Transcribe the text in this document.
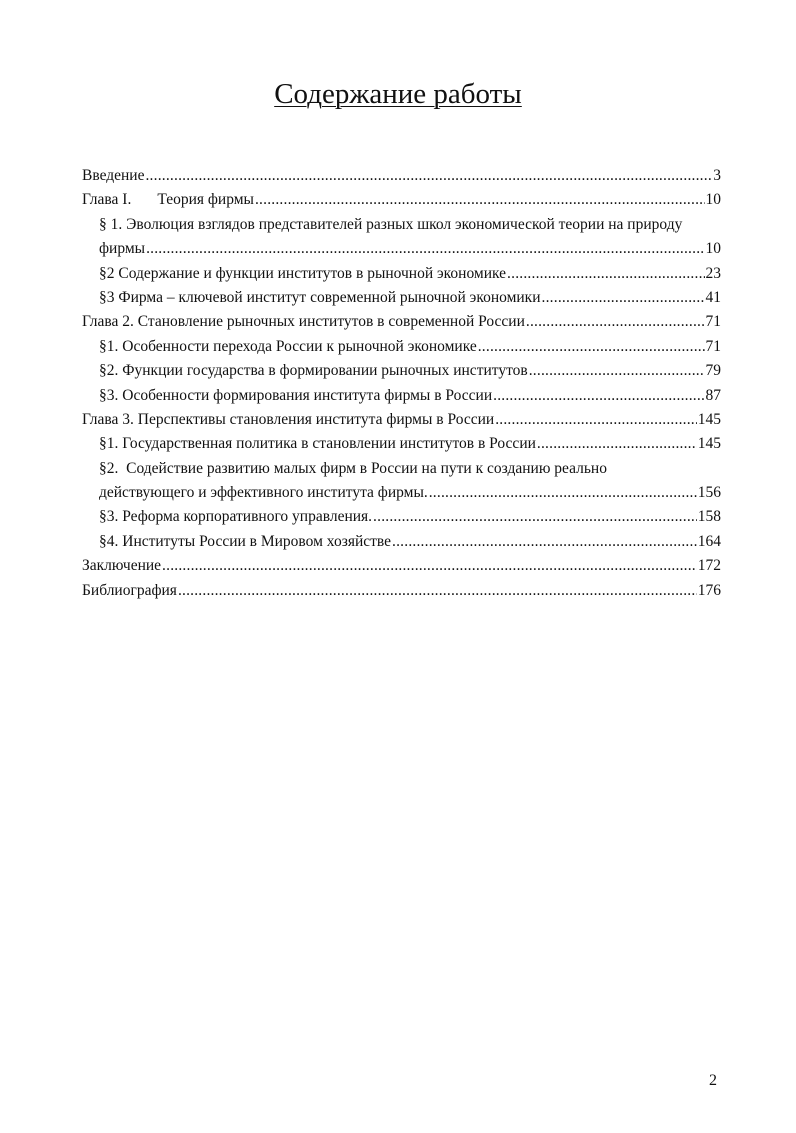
Содержание работы
Введение .....	3
Глава I. Теория фирмы .....	10
§ 1. Эволюция взглядов представителей разных школ экономической теории на природу
фирмы .....	10
§2 Содержание и функции институтов в рыночной экономике .....	23
§3 Фирма – ключевой институт современной рыночной экономики .....	41
Глава 2. Становление рыночных институтов в современной России .....	71
§1. Особенности перехода России к рыночной экономике .....	71
§2. Функции государства в формировании рыночных институтов .....	79
§3. Особенности формирования института фирмы в России .....	87
Глава 3. Перспективы становления института фирмы в России .....	145
§1. Государственная политика в становлении институтов в России .....	145
§2.  Содействие развитию малых фирм в России на пути к созданию реально
действующего и эффективного института фирмы. .....	156
§3. Реформа корпоративного управления. .....	158
§4. Институты России в Мировом хозяйстве .....	164
Заключение .....	172
Библиография .....	176
2
